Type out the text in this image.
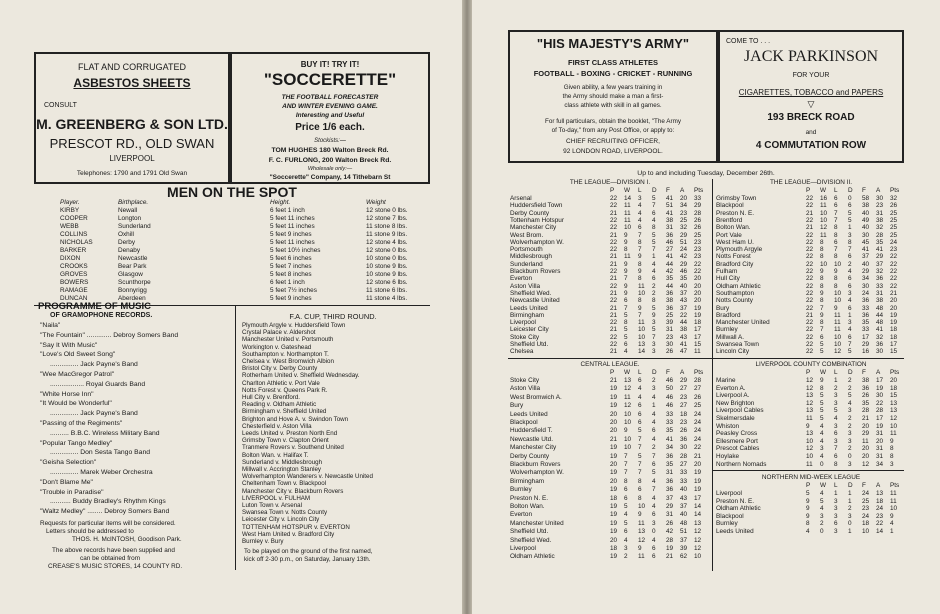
FLAT AND CORRUGATED
ASBESTOS SHEETS
CONSULT
M. GREENBERG & SON LTD.
PRESCOT RD., OLD SWAN
LIVERPOOL
Telephones: 1790 and 1791 Old Swan
BUY IT! TRY IT!
"SOCCERETTE"
THE FOOTBALL FORECASTER
AND WINTER EVENING GAME.
Interesting and Useful
Price 1/6 each.
Stockists:—
TOM HUGHES 180 Walton Breck Rd.
F. C. FURLONG, 200 Walton Breck Rd.
Wholesale only:—
"Soccerette" Company, 14 Tithebarn St
MEN ON THE SPOT
Player.	Birthplace.	Height.	Weight
KIRBY	Newall	6 feet 1 inch	12 stone 0 lbs.
COOPER	Longton	5 feet 11 inches	12 stone 7 lbs.
WEBB	Sunderland	5 feet 11 inches	11 stone 8 lbs.
COLLINS	Oxhill	5 feet 9 inches	11 stone 9 lbs.
NICHOLAS	Derby	5 feet 11 inches	12 stone 4 lbs.
BARKER	Denaby	5 feet 10½ inches	12 stone 0 lbs.
DIXON	Newcastle	5 feet 6 inches	10 stone 0 lbs.
CROOKS	Bear Park	5 feet 7 inches	10 stone 9 lbs.
GROVES	Glasgow	5 feet 8 inches	10 stone 9 lbs.
BOWERS	Scunthorpe	6 feet 1 inch	12 stone 6 lbs.
RAMAGE	Bonnyrigg	5 feet 7½ inches	11 stone 6 lbs.
DUNCAN	Aberdeen	5 feet 9 inches	11 stone 4 lbs.
PROGRAMME OF MUSIC
OF GRAMOPHONE RECORDS.
"Naila"
"The Fountain" ............. Debroy Somers Band
"Say It With Music"
"Love's Old Sweet Song"
............... Jack Payne's Band
"Wee MacGregor Patrol"
.................. Royal Guards Band
"White Horse Inn"
"It Would be Wonderful"
............... Jack Payne's Band
"Passing of the Regiments"
.......... B.B.C. Wireless Military Band
"Popular Tango Medley"
............... Don Sesta Tango Band
"Geisha Selection"
............... Marek Weber Orchestra
"Don't Blame Me"
"Trouble in Paradise"
........... Buddy Bradley's Rhythm Kings
"Waltz Medley" ........ Debroy Somers Band
Requests for particular items will be considered.
Letters should be addressed to
THOS. H. McINTOSH, Goodison Park.
The above records have been supplied and
can be obtained from
CREASE'S MUSIC STORES, 14 COUNTY RD.
F.A. CUP, THIRD ROUND.
Plymouth Argyle v. Huddersfield Town
Crystal Palace v. Aldershot
Manchester United v. Portsmouth
Workington v. Gateshead
Southampton v. Northampton T.
Chelsea v. West Bromwich Albion
Bristol City v. Derby County
Rotherham United v. Sheffield Wednesday.
Charlton Athletic v. Port Vale
Notts Forest v. Queens Park R.
Hull City v. Brentford.
Reading v. Oldham Athletic
Birmingham v. Sheffield United
Brighton and Hove A. v. Swindon Town
Chesterfield v. Aston Villa
Leeds United v. Preston North End
Grimsby Town v. Clapton Orient
Tranmere Rovers v. Southend United
Bolton Wan. v. Halifax T.
Sunderland v. Middlesbrough
Millwall v. Accrington Stanley
Wolverhampton Wanderers v. Newcastle United
Cheltenham Town v. Blackpool
Manchester City v. Blackburn Rovers
LIVERPOOL v. FULHAM
Luton Town v. Arsenal
Swansea Town v. Notts County
Leicester City v. Lincoln City
TOTTENHAM HOTSPUR v. EVERTON
West Ham United v. Bradford City
Burnley v. Bury
To be played on the ground of the first named,
kick off 2-30 p.m., on Saturday, January 13th.
"HIS MAJESTY'S ARMY"
FIRST CLASS ATHLETES
FOOTBALL - BOXING - CRICKET - RUNNING
Given ability, a few years training in
the Army should make a man a first-
class athlete with skill in all games.
For full particulars, obtain the booklet, "The Army
of To-day," from any Post Office, or apply to:
CHIEF RECRUITING OFFICER,
92 LONDON ROAD, LIVERPOOL.
COME TO . . .
JACK PARKINSON
FOR YOUR
CIGARETTES, TOBACCO and PAPERS
▽
193 BRECK ROAD
and
4 COMMUTATION ROW
Up to and including Tuesday, December 26th.
THE LEAGUE—DIVISION I.
P W L D F A Pts
Arsenal	22 14 3 5 41 20 33
Huddersfield Town	22 11 4 7 51 34 29
Derby County	21 11 4 6 41 23 28
Tottenham Hotspur	22 11 4 4 38 25 26
Manchester City	22 10 6 8 31 32 26
West Brom.	21 9 7 5 36 29 25
Wolverhampton W.	22 9 8 5 46 51 23
Portsmouth	22 8 7 7 27 24 23
Middlesbrough	21 11 9 1 41 42 23
Sunderland	21 9 8 4 44 29 22
Blackburn Rovers	22 9 9 4 42 46 22
Everton	21 7 8 6 35 35 20
Aston Villa	22 9 11 2 44 40 20
Sheffield Wed.	21 9 10 2 36 37 20
Newcastle United	22 6 8 8 38 43 20
Leeds United	21 7 9 5 36 37 19
Birmingham	21 5 7 9 25 22 19
Liverpool	22 8 11 3 39 44 18
Leicester City	21 5 10 5 31 38 17
Stoke City	22 5 10 7 23 43 17
Sheffield Utd.	22 6 13 3 30 41 15
Chelsea	21 4 14 3 26 47 11
THE LEAGUE—DIVISION II.
P W L D F A Pts
Grimsby Town	22 16 6 0 58 30 32
Blackpool	22 11 6 6 38 23 26
Preston N. E.	21 10 7 5 40 31 25
Brentford	22 10 7 5 49 38 25
Bolton Wan.	21 12 8 1 40 32 25
Port Vale	22 11 8 3 30 28 25
West Ham U.	22 8 6 8 45 35 24
Plymouth Argyle	22 8 7 7 41 41 23
Notts Forest	22 8 8 6 37 29 22
Bradford City	22 10 10 2 40 37 22
Fulham	22 9 9 4 29 32 22
Hull City	22 8 8 6 34 36 22
Oldham Athletic	22 8 8 6 30 33 22
Southampton	22 9 10 3 24 31 21
Notts County	22 8 10 4 36 38 20
Bury	22 7 9 6 33 48 20
Bradford	21 9 11 1 36 44 19
Manchester United	22 8 11 3 35 48 19
Burnley	22 7 11 4 33 41 18
Millwall A.	22 6 10 6 17 32 18
Swansea Town	22 5 10 7 29 36 17
Lincoln City	22 5 12 5 16 30 15
CENTRAL LEAGUE.
P W L D F A Pts
Stoke City	21 13 6 2 46 29 28
Aston Villa	19 12 4 3 50 27 27
West Bromwich A.	19 11 4 4 46 23 26
Bury	19 12 6 1 46 27 25
Leeds United	20 10 6 4 33 18 24
Blackpool	20 10 6 4 33 23 24
Huddersfield T.	20 9 5 6 35 26 24
Newcastle Utd.	21 10 7 4 41 36 24
Manchester City	19 10 7 2 34 30 22
Derby County	19 7 5 7 36 28 21
Blackburn Rovers	20 7 7 6 35 27 20
Wolverhampton W.	19 7 7 5 31 33 19
Birmingham	20 8 8 4 36 33 19
Burnley	19 6 6 7 36 40 19
Preston N. E.	18 6 8 4 37 43 17
Bolton Wan.	19 5 10 4 29 37 14
Everton	19 4 9 6 31 40 14
Manchester United	19 5 11 3 26 48 13
Sheffield Utd.	19 6 13 0 42 51 12
Sheffield Wed.	20 4 12 4 28 37 12
Liverpool	18 3 9 6 19 39 12
Oldham Athletic	19 2 11 6 21 62 10
LIVERPOOL COUNTY COMBINATION
P W L D F A Pts
Marine	12 9 1 2 38 17 20
Everton A.	12 8 2 2 36 19 18
Liverpool A.	13 5 3 5 26 30 15
New Brighton	12 5 3 4 35 22 13
Liverpool Cables	13 5 5 3 28 28 13
Skelmersdale	11 5 4 2 21 17 12
Whiston	9 4 3 2 20 19 10
Peasley Cross	13 4 6 3 29 31 11
Ellesmere Port	10 4 3 3 11 20 9
Prescot Cables	12 3 7 2 20 31 8
Hoylake	10 4 6 0 20 31 8
Northern Nomads	11 0 8 3 12 34 3
NORTHERN MID-WEEK LEAGUE
P W L D F A Pts
Liverpool	5 4 1 1 24 13 11
Preston N. E.	9 5 3 1 25 18 11
Oldham Athletic	9 4 3 2 23 24 10
Blackpool	9 3 3 3 24 23 9
Burnley	8 2 6 0 18 22 4
Leeds United	4 0 3 1 10 14 1
